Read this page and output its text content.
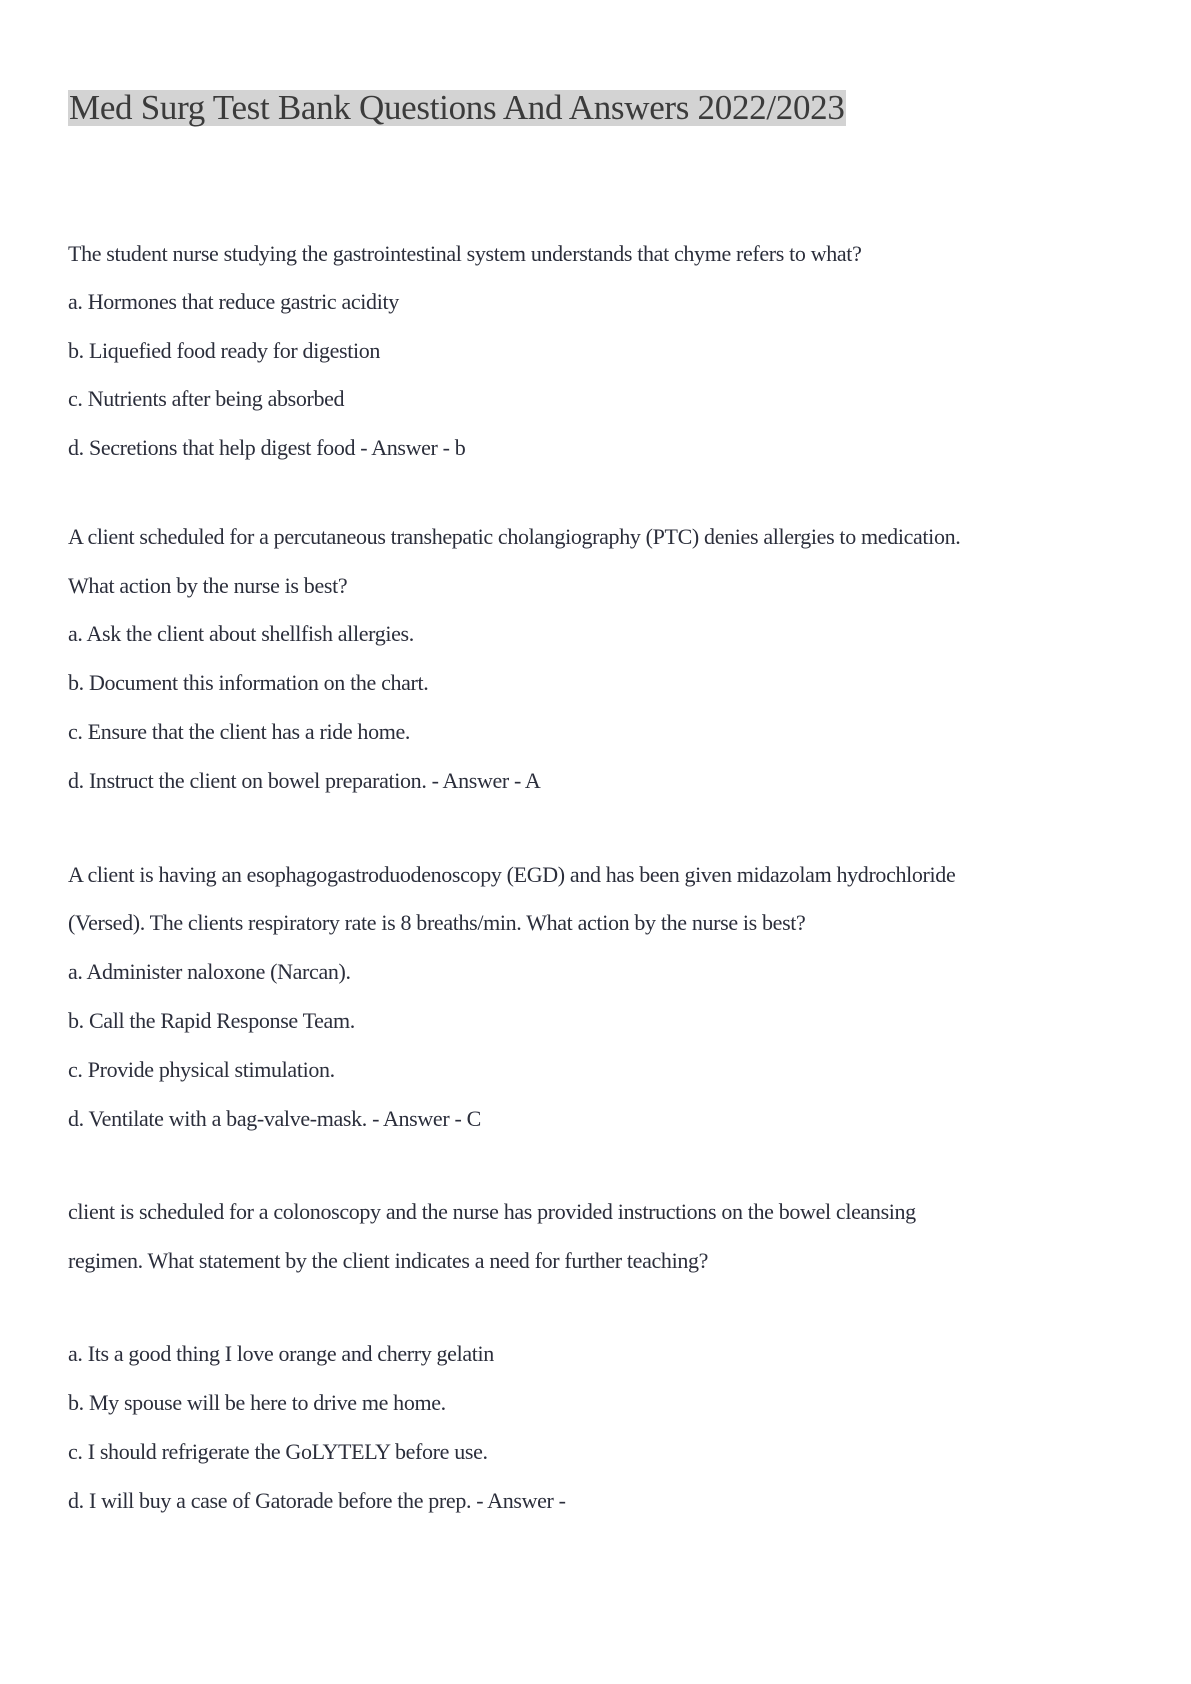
Med Surg Test Bank Questions And Answers 2022/2023
The student nurse studying the gastrointestinal system understands that chyme refers to what?
a. Hormones that reduce gastric acidity
b. Liquefied food ready for digestion
c. Nutrients after being absorbed
d. Secretions that help digest food - Answer - b
A client scheduled for a percutaneous transhepatic cholangiography (PTC) denies allergies to medication.
What action by the nurse is best?
a. Ask the client about shellfish allergies.
b. Document this information on the chart.
c. Ensure that the client has a ride home.
d. Instruct the client on bowel preparation. - Answer - A
A client is having an esophagogastroduodenoscopy (EGD) and has been given midazolam hydrochloride
(Versed). The clients respiratory rate is 8 breaths/min. What action by the nurse is best?
a. Administer naloxone (Narcan).
b. Call the Rapid Response Team.
c. Provide physical stimulation.
d. Ventilate with a bag-valve-mask. - Answer - C
client is scheduled for a colonoscopy and the nurse has provided instructions on the bowel cleansing
regimen. What statement by the client indicates a need for further teaching?
a. Its a good thing I love orange and cherry gelatin
b. My spouse will be here to drive me home.
c. I should refrigerate the GoLYTELY before use.
d. I will buy a case of Gatorade before the prep. - Answer -
